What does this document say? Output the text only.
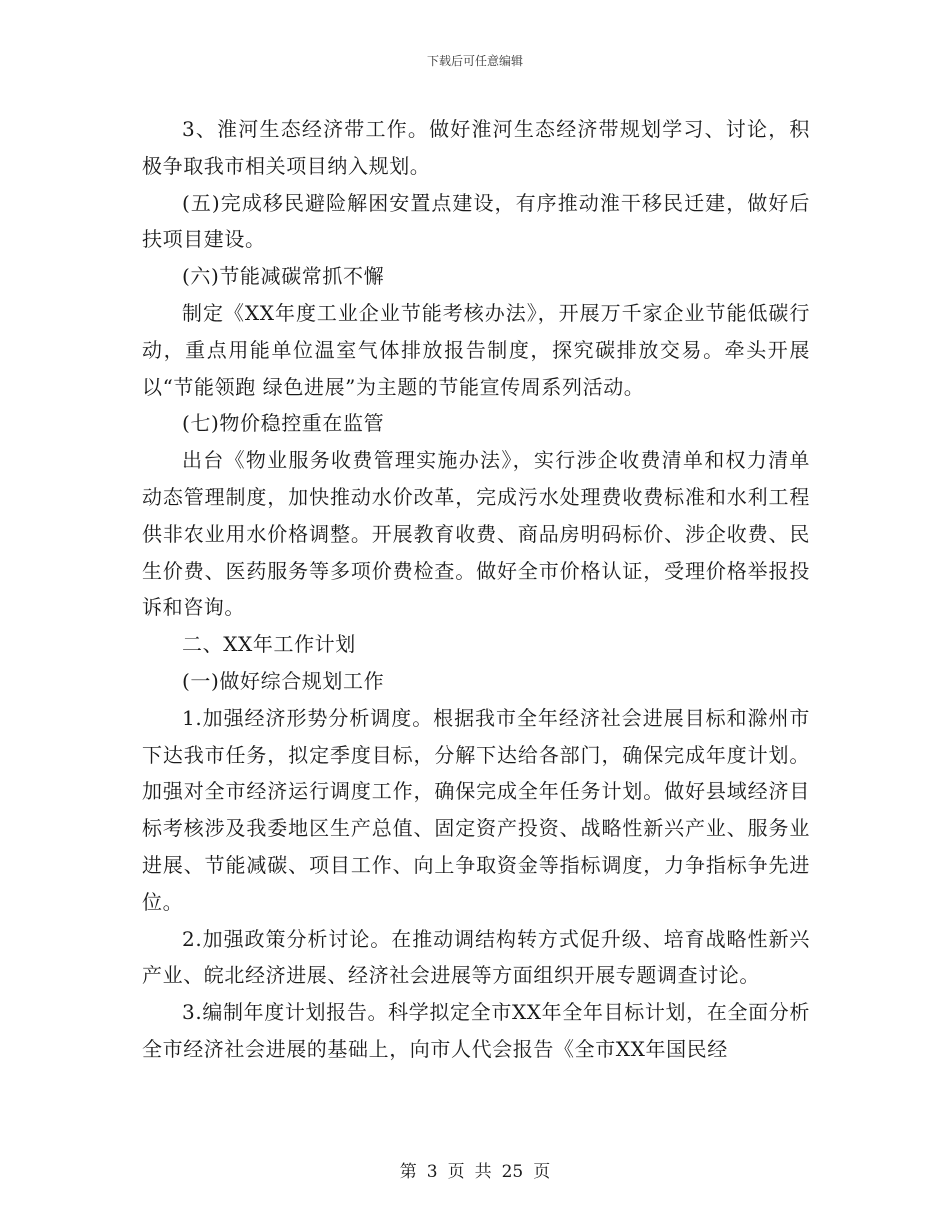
下载后可任意编辑

3、淮河生态经济带工作。做好淮河生态经济带规划学习、讨论，积极争取我市相关项目纳入规划。

(五)完成移民避险解困安置点建设，有序推动淮干移民迁建，做好后扶项目建设。

(六)节能减碳常抓不懈

制定《XX年度工业企业节能考核办法》，开展万千家企业节能低碳行动，重点用能单位温室气体排放报告制度，探究碳排放交易。牵头开展以“节能领跑 绿色进展”为主题的节能宣传周系列活动。

(七)物价稳控重在监管

出台《物业服务收费管理实施办法》，实行涉企收费清单和权力清单动态管理制度，加快推动水价改革，完成污水处理费收费标准和水利工程供非农业用水价格调整。开展教育收费、商品房明码标价、涉企收费、民生价费、医药服务等多项价费检查。做好全市价格认证，受理价格举报投诉和咨询。

二、XX年工作计划

(一)做好综合规划工作

1.加强经济形势分析调度。根据我市全年经济社会进展目标和滁州市下达我市任务，拟定季度目标，分解下达给各部门，确保完成年度计划。加强对全市经济运行调度工作，确保完成全年任务计划。做好县域经济目标考核涉及我委地区生产总值、固定资产投资、战略性新兴产业、服务业进展、节能减碳、项目工作、向上争取资金等指标调度，力争指标争先进位。

2.加强政策分析讨论。在推动调结构转方式促升级、培育战略性新兴产业、皖北经济进展、经济社会进展等方面组织开展专题调查讨论。

3.编制年度计划报告。科学拟定全市XX年全年目标计划，在全面分析全市经济社会进展的基础上，向市人代会报告《全市XX年国民经

第 3 页 共 25 页
